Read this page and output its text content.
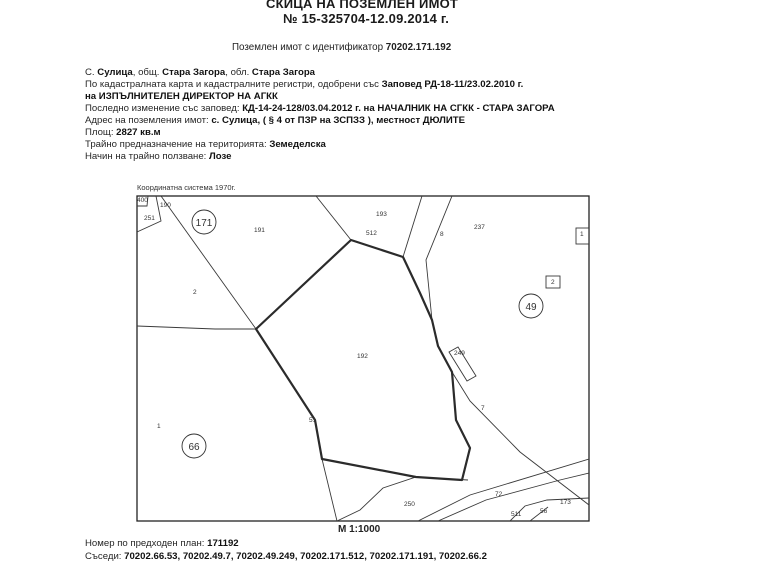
СКИЦА НА ПОЗЕМЛЕН ИМОТ
№ 15-325704-12.09.2014 г.
Поземлен имот с идентификатор 70202.171.192
С. Сулица, общ. Стара Загора, обл. Стара Загора
По кадастралната карта и кадастралните регистри, одобрени със Заповед РД-18-11/23.02.2010 г.
на ИЗПЪЛНИТЕЛЕН ДИРЕКТОР НА АГКК
Последно изменение със заповед: КД-14-24-128/03.04.2012 г. на НАЧАЛНИК НА СГКК - СТАРА ЗАГОРА
Адрес на поземления имот: с. Сулица, ( § 4 от ПЗР на ЗСПЗЗ ), местност ДЮЛИТЕ
Площ: 2827 кв.м
Трайно предназначение на територията: Земеделска
Начин на трайно ползване: Лозе
Координатна система 1970г.
171
49
66
400
190
251
191
193
512	8
237
1
2
2
192	249
7
1
51
250
72
173
511	56
М 1:1000
Номер по предходен план: 171192
Съседи: 70202.66.53, 70202.49.7, 70202.49.249, 70202.171.512, 70202.171.191, 70202.66.2
